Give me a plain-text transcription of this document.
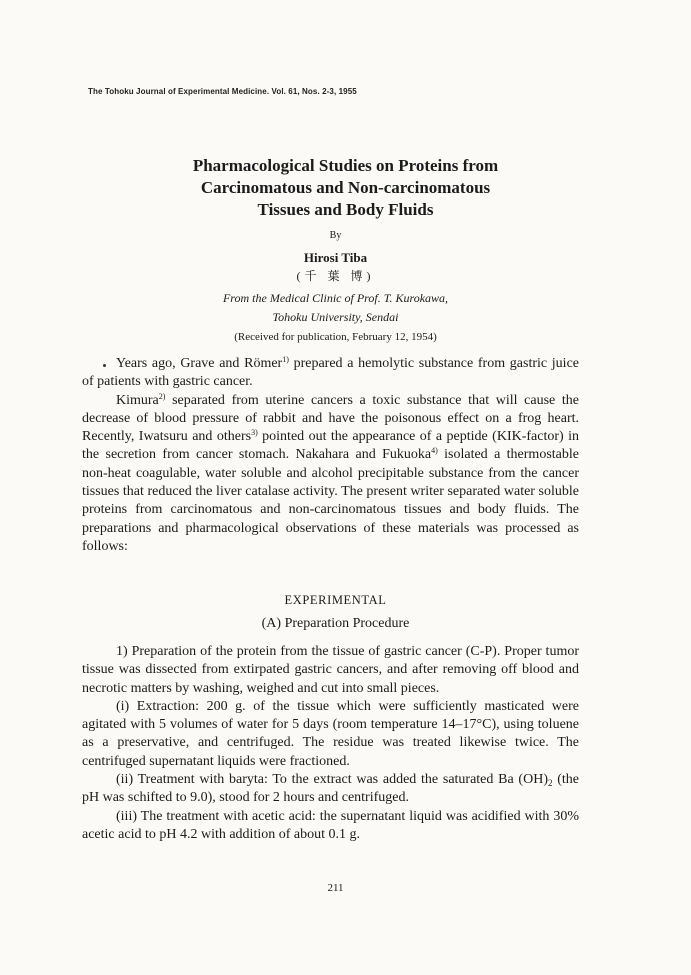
The Tohoku Journal of Experimental Medicine. Vol. 61, Nos. 2-3, 1955
Pharmacological Studies on Proteins from
Carcinomatous and Non-carcinomatous
Tissues and Body Fluids
By
Hirosi Tiba
(千 葉 博)
From the Medical Clinic of Prof. T. Kurokawa,
Tohoku University, Sendai
(Received for publication, February 12, 1954)

Years ago, Grave and Römer$^{1)}$ prepared a hemolytic substance from gastric juice of patients with gastric cancer.

Kimura$^{2)}$ separated from uterine cancers a toxic substance that will cause the decrease of blood pressure of rabbit and have the poisonous effect on a frog heart. Recently, Iwatsuru and others$^{3)}$ pointed out the appearance of a peptide (KIK-factor) in the secretion from cancer stomach. Nakahara and Fukuoka$^{4)}$ isolated a thermostable non-heat coagulable, water soluble and alcohol precipitable substance from the cancer tissues that reduced the liver catalase activity. The present writer separated water soluble proteins from carcinomatous and non-carcinomatous tissues and body fluids. The preparations and pharmacological observations of these materials was processed as follows:

EXPERIMENTAL
(A) Preparation Procedure

1) Preparation of the protein from the tissue of gastric cancer (C-P). Proper tumor tissue was dissected from extirpated gastric cancers, and after removing off blood and necrotic matters by washing, weighed and cut into small pieces.

(i) Extraction: 200 g. of the tissue which were sufficiently masticated were agitated with 5 volumes of water for 5 days (room temperature 14–17°C), using toluene as a preservative, and centrifuged. The residue was treated likewise twice. The centrifuged supernatant liquids were fractioned.

(ii) Treatment with baryta: To the extract was added the saturated Ba $(OH)_2$ (the pH was schifted to 9.0), stood for 2 hours and centrifuged.

(iii) The treatment with acetic acid: the supernatant liquid was acidified with 30% acetic acid to pH 4.2 with addition of about 0.1 g.

211
